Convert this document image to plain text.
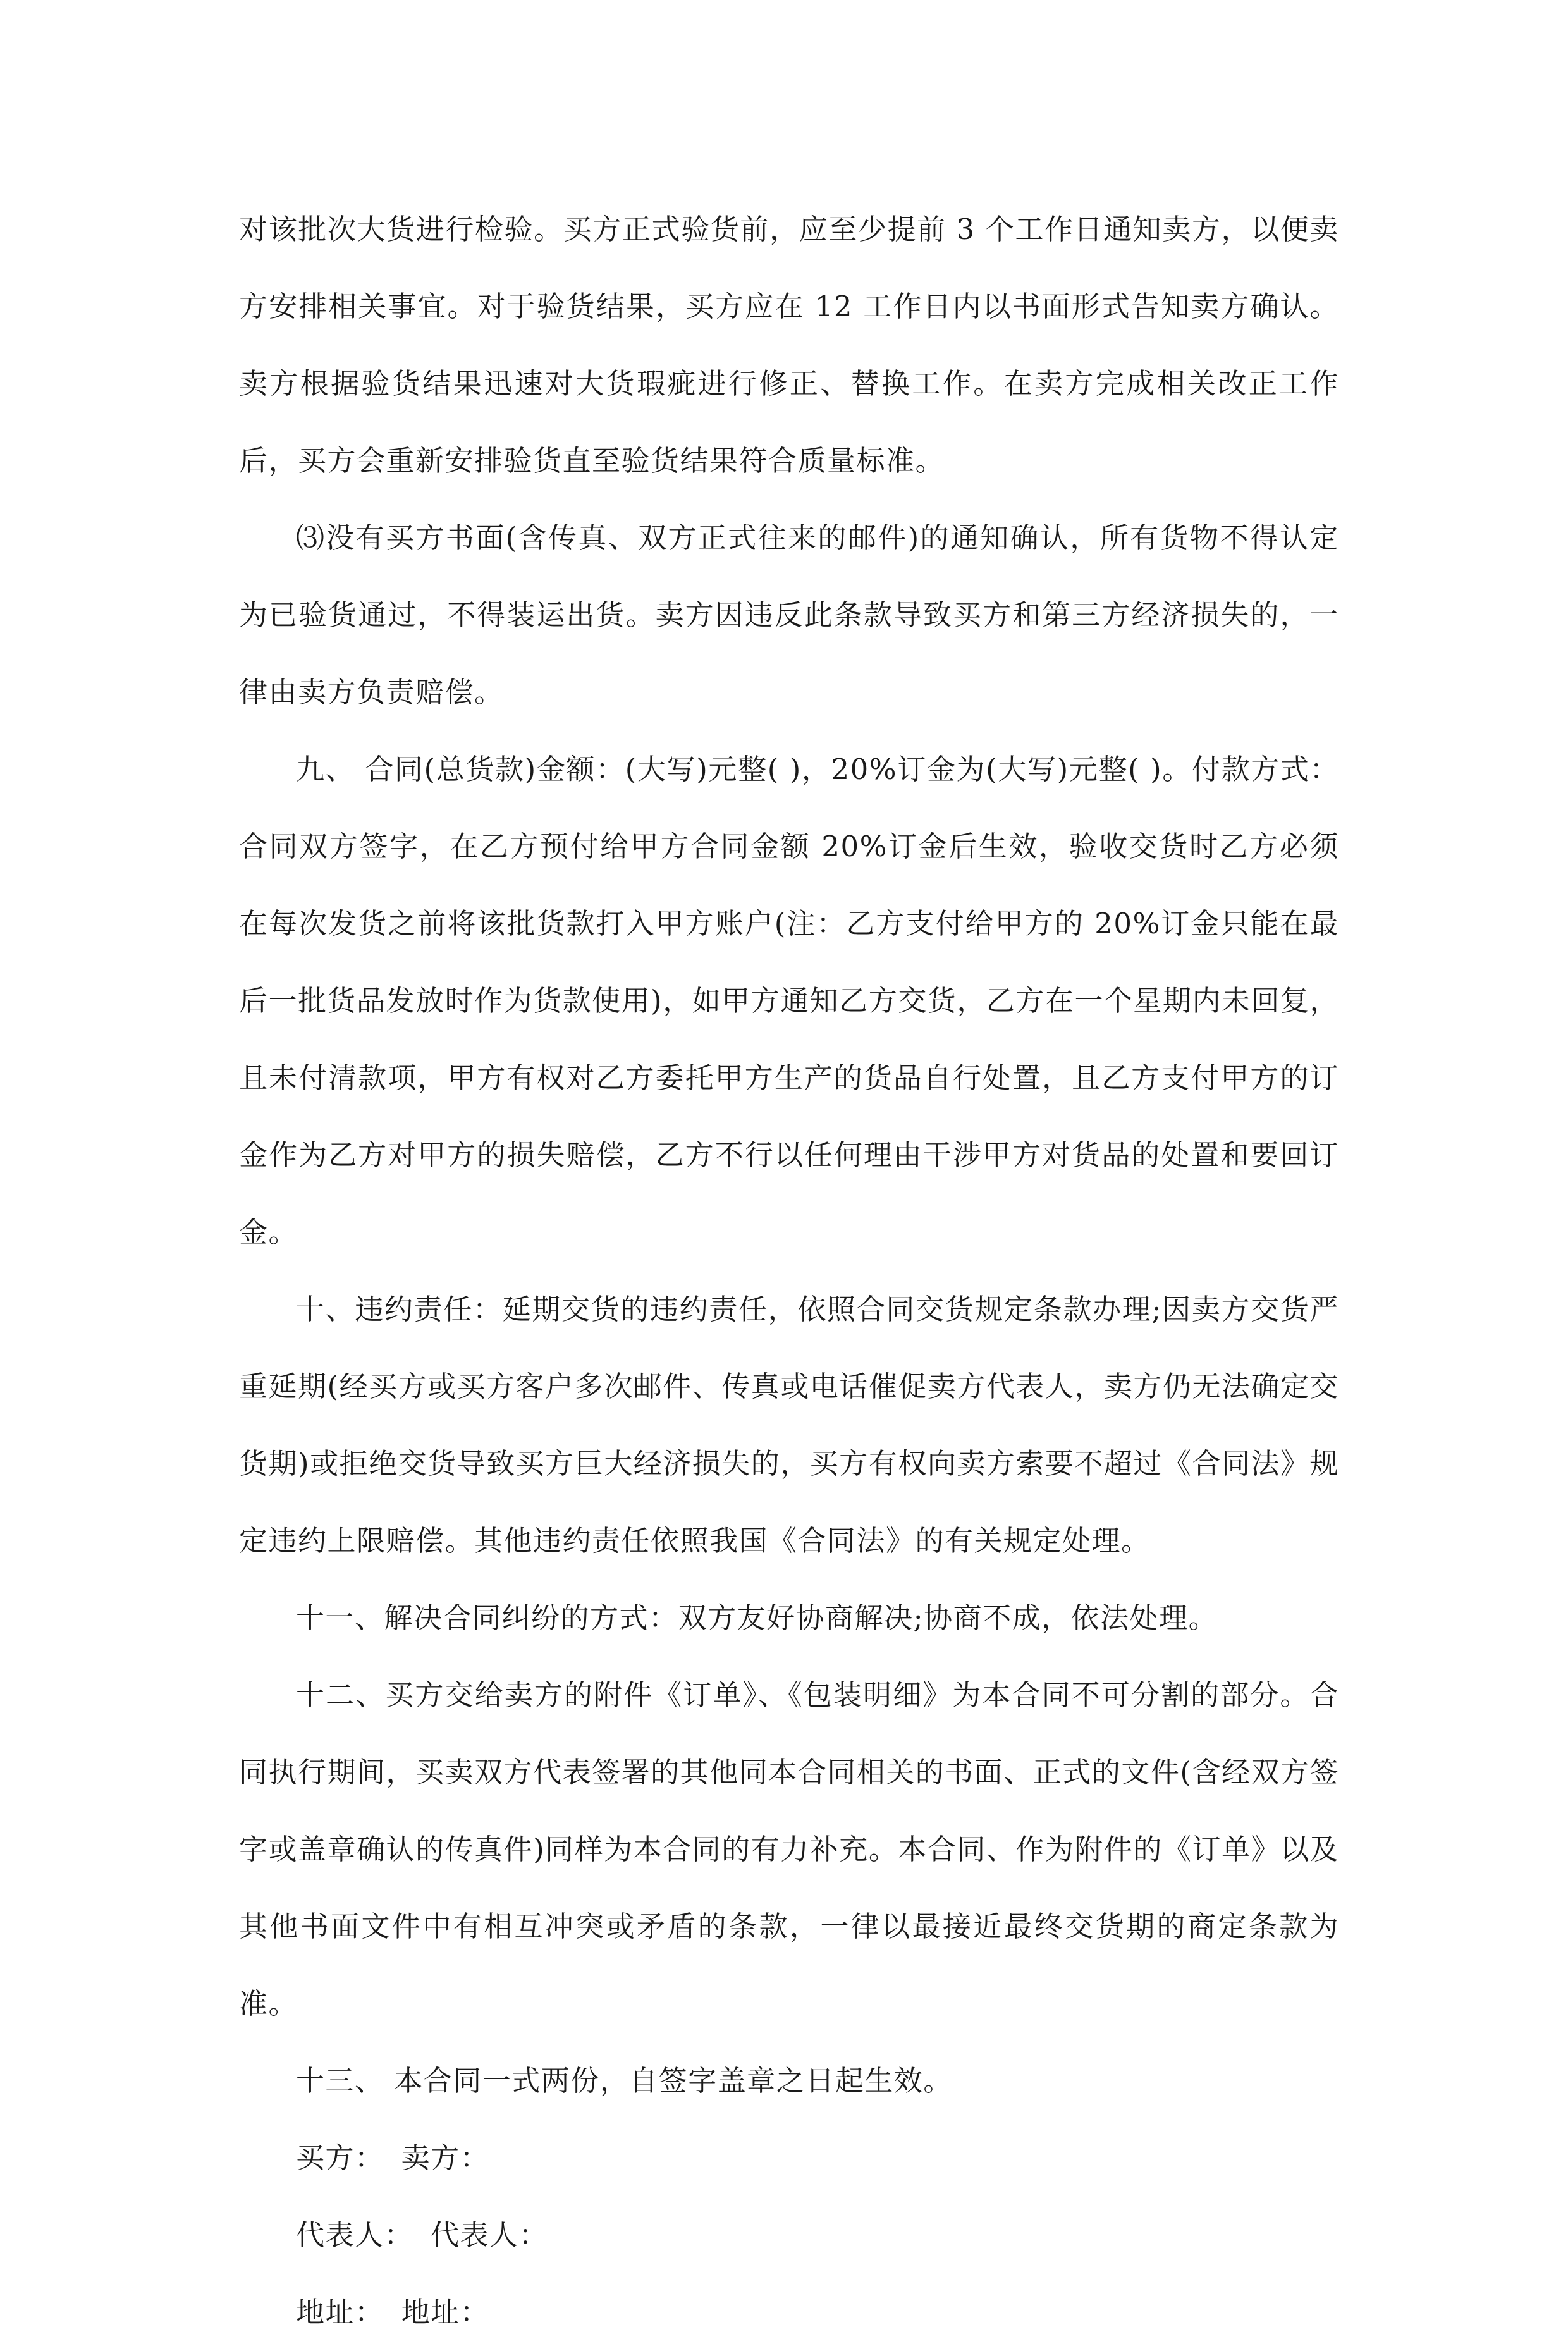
对该批次大货进行检验。买方正式验货前，应至少提前 3 个工作日通知卖方，以便卖方安排相关事宜。对于验货结果，买方应在 12 工作日内以书面形式告知卖方确认。卖方根据验货结果迅速对大货瑕疵进行修正、替换工作。在卖方完成相关改正工作后，买方会重新安排验货直至验货结果符合质量标准。

⑶没有买方书面(含传真、双方正式往来的邮件)的通知确认，所有货物不得认定为已验货通过，不得装运出货。卖方因违反此条款导致买方和第三方经济损失的，一律由卖方负责赔偿。

九、 合同(总货款)金额：(大写)元整( )，20%订金为(大写)元整( )。付款方式：合同双方签字，在乙方预付给甲方合同金额 20%订金后生效，验收交货时乙方必须在每次发货之前将该批货款打入甲方账户(注：乙方支付给甲方的 20%订金只能在最后一批货品发放时作为货款使用)，如甲方通知乙方交货，乙方在一个星期内未回复，且未付清款项，甲方有权对乙方委托甲方生产的货品自行处置，且乙方支付甲方的订金作为乙方对甲方的损失赔偿，乙方不行以任何理由干涉甲方对货品的处置和要回订金。

十、违约责任：延期交货的违约责任，依照合同交货规定条款办理;因卖方交货严重延期(经买方或买方客户多次邮件、传真或电话催促卖方代表人，卖方仍无法确定交货期)或拒绝交货导致买方巨大经济损失的，买方有权向卖方索要不超过《合同法》规定违约上限赔偿。其他违约责任依照我国《合同法》的有关规定处理。

十一、解决合同纠纷的方式：双方友好协商解决;协商不成，依法处理。

十二、买方交给卖方的附件《订单》、《包装明细》为本合同不可分割的部分。合同执行期间，买卖双方代表签署的其他同本合同相关的书面、正式的文件(含经双方签字或盖章确认的传真件)同样为本合同的有力补充。本合同、作为附件的《订单》以及其他书面文件中有相互冲突或矛盾的条款，一律以最接近最终交货期的商定条款为准。

十三、 本合同一式两份，自签字盖章之日起生效。

买方： 卖方：
代表人： 代表人：
地址： 地址：
